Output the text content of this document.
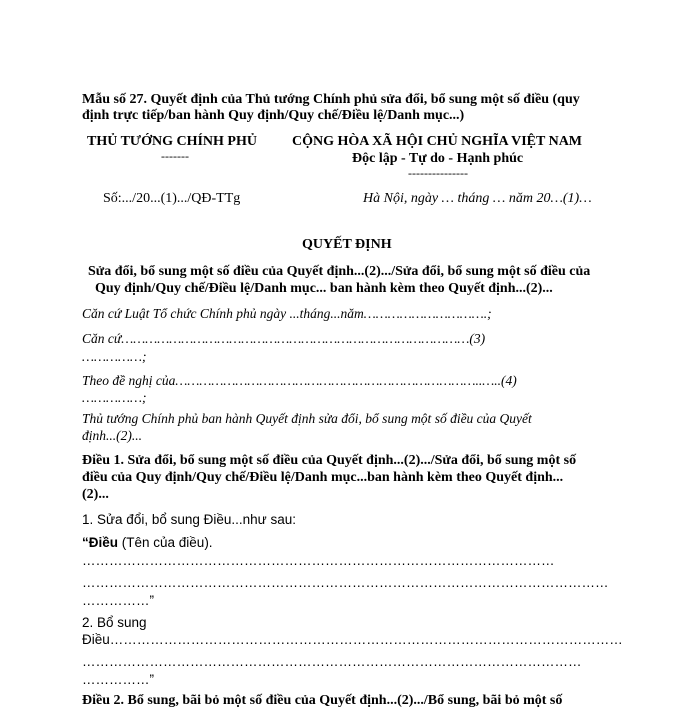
Mẫu số 27. Quyết định của Thủ tướng Chính phủ sửa đổi, bổ sung một số điều (quy
định trực tiếp/ban hành Quy định/Quy chế/Điều lệ/Danh mục...)
THỦ TƯỚNG CHÍNH PHỦ
-------
CỘNG HÒA XÃ HỘI CHỦ NGHĨA VIỆT NAM
Độc lập - Tự do - Hạnh phúc
---------------
Số:.../20...(1).../QĐ-TTg	Hà Nội, ngày … tháng … năm 20…(1)…
QUYẾT ĐỊNH
Sửa đổi, bổ sung một số điều của Quyết định...(2).../Sửa đổi, bổ sung một số điều của
Quy định/Quy chế/Điều lệ/Danh mục... ban hành kèm theo Quyết định...(2)...
Căn cứ Luật Tổ chức Chính phủ ngày ...tháng...năm………………………….;
Căn cứ……………………………………………………………………………(3)
……………;
Theo đề nghị của…………………………………………………………………..…..(4)
……………;
Thủ tướng Chính phủ ban hành Quyết định sửa đổi, bổ sung một số điều của Quyết
định...(2)...
Điều 1. Sửa đổi, bổ sung một số điều của Quyết định...(2).../Sửa đổi, bổ sung một số
điều của Quy định/Quy chế/Điều lệ/Danh mục...ban hành kèm theo Quyết định...
(2)...
1. Sửa đổi, bổ sung Điều...như sau:
“Điều (Tên của điều).
……………………………………………………………………………………………
………………………………………………………………………………………………………
……………”
2. Bổ sung
Điều……………………………………………………………………………………………………
…………………………………………………………………………………………………
……………”
Điều 2. Bổ sung, bãi bỏ một số điều của Quyết định...(2).../Bổ sung, bãi bỏ một số
